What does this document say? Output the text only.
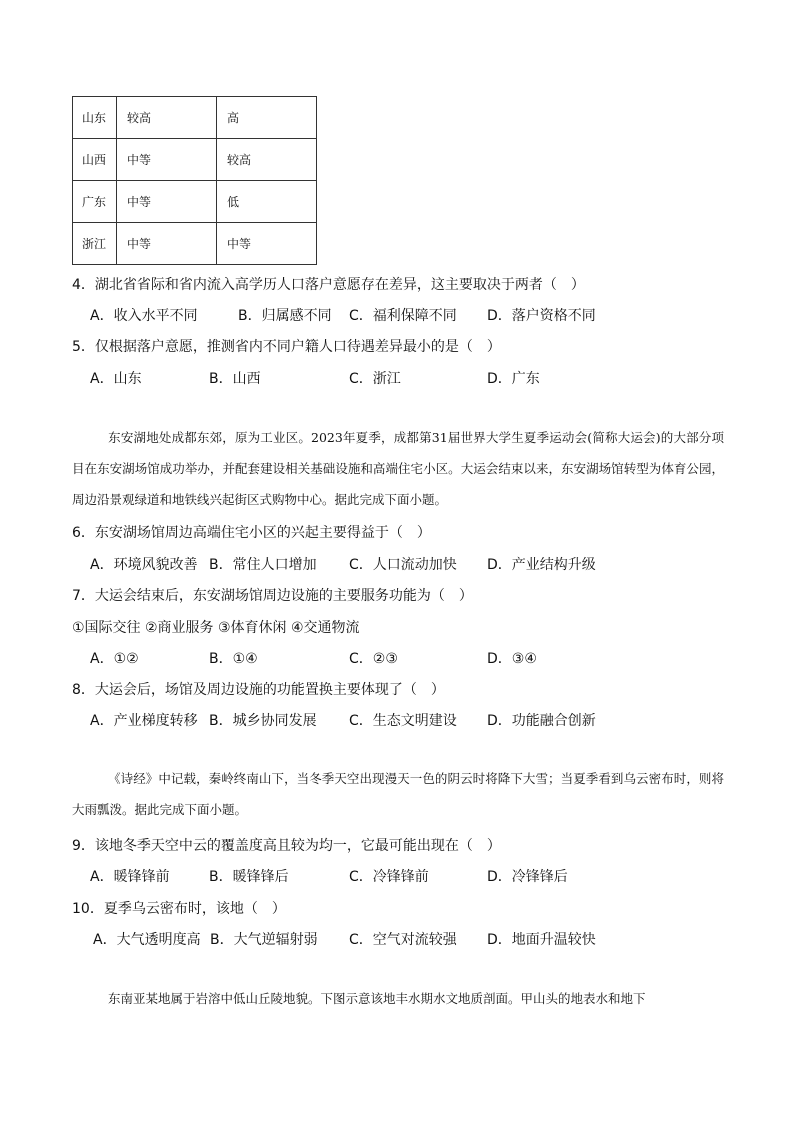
山东	较高	高
山西	中等	较高
广东	中等	低
浙江	中等	中等
4．湖北省省际和省内流入高学历人口落户意愿存在差异，这主要取决于两者（　）
A．收入水平不同	B．归属感不同 C．福利保障不同 D．落户资格不同
5．仅根据落户意愿，推测省内不同户籍人口待遇差异最小的是（　）
A．山东	B．山西	C．浙江	D．广东
东安湖地处成都东郊，原为工业区。2023年夏季，成都第31届世界大学生夏季运动会(简称大运会)的大部分项目在东安湖场馆成功举办，并配套建设相关基础设施和高端住宅小区。大运会结束以来，东安湖场馆转型为体育公园，周边沿景观绿道和地铁线兴起街区式购物中心。据此完成下面小题。
6．东安湖场馆周边高端住宅小区的兴起主要得益于（　）
A．环境风貌改善 B．常住人口增加 C．人口流动加快 D．产业结构升级
7．大运会结束后，东安湖场馆周边设施的主要服务功能为（　）
①国际交往 ②商业服务 ③体育休闲 ④交通物流
A．①②	B．①④	C．②③	D．③④
8．大运会后，场馆及周边设施的功能置换主要体现了（　）
A．产业梯度转移 B．城乡协同发展 C．生态文明建设 D．功能融合创新
《诗经》中记载，秦岭终南山下，当冬季天空出现漫天一色的阴云时将降下大雪；当夏季看到乌云密布时，则将大雨瓢泼。据此完成下面小题。
9．该地冬季天空中云的覆盖度高且较为均一，它最可能出现在（　）
A．暖锋锋前	B．暖锋锋后	C．冷锋锋前	D．冷锋锋后
10．夏季乌云密布时，该地（　）
A．大气透明度高 B．大气逆辐射弱 C．空气对流较强 D．地面升温较快
东南亚某地属于岩溶中低山丘陵地貌。下图示意该地丰水期水文地质剖面。甲山头的地表水和地下
